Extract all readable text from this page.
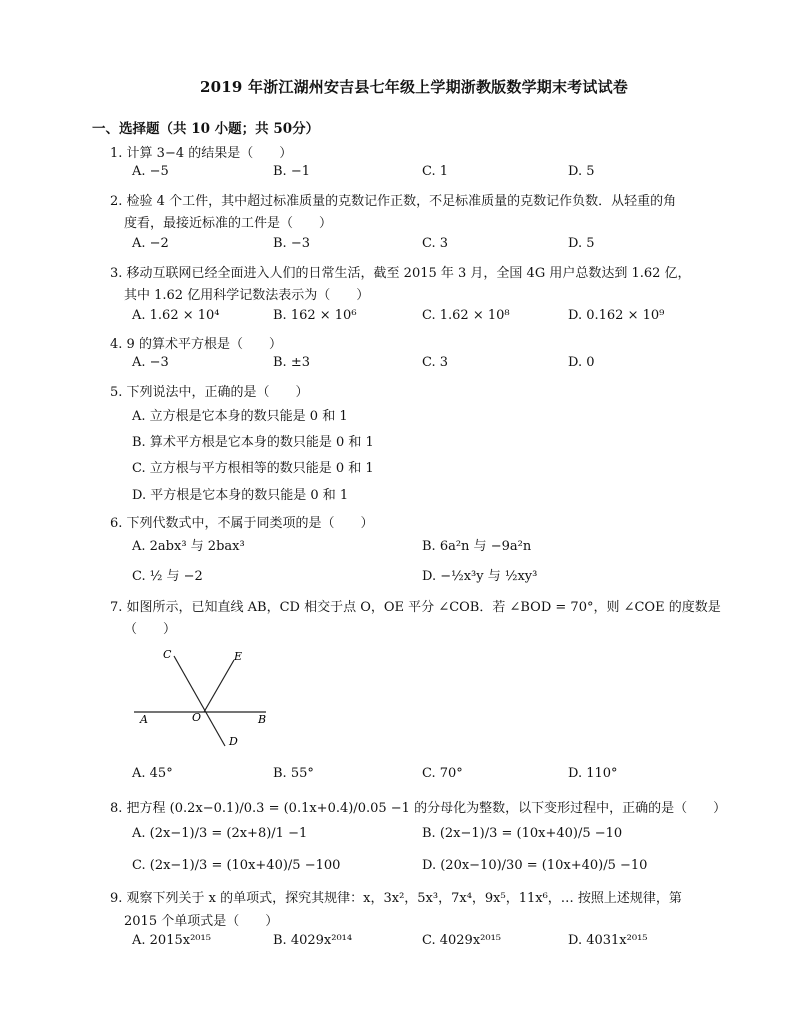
2019 年浙江湖州安吉县七年级上学期浙教版数学期末考试试卷
一、选择题（共 10 小题；共 50分）
1. 计算 3−4 的结果是（　　）
A. −5	B. −1	C. 1	D. 5
2. 检验 4 个工件，其中超过标准质量的克数记作正数，不足标准质量的克数记作负数．从轻重的角
度看，最接近标准的工件是（　　）
A. −2	B. −3	C. 3	D. 5
3. 移动互联网已经全面进入人们的日常生活，截至 2015 年 3 月，全国 4G 用户总数达到 1.62 亿，
其中 1.62 亿用科学记数法表示为（　　）
A. 1.62 × 10⁴	B. 162 × 10⁶	C. 1.62 × 10⁸	D. 0.162 × 10⁹
4. 9 的算术平方根是（　　）
A. −3	B. ±3	C. 3	D. 0
5. 下列说法中，正确的是（　　）
A. 立方根是它本身的数只能是 0 和 1
B. 算术平方根是它本身的数只能是 0 和 1
C. 立方根与平方根相等的数只能是 0 和 1
D. 平方根是它本身的数只能是 0 和 1
6. 下列代数式中，不属于同类项的是（　　）
A. 2abx³ 与 2bax³	B. 6a²n 与 −9a²n
C. ½ 与 −2	D. −½x³y 与 ½xy³
7. 如图所示，已知直线 AB，CD 相交于点 O，OE 平分 ∠COB．若 ∠BOD = 70°，则 ∠COE 的度数是
（　　）
C	E
A	O	B
D
A. 45°	B. 55°	C. 70°	D. 110°
8. 把方程 (0.2x−0.1)/0.3 = (0.1x+0.4)/0.05 −1 的分母化为整数，以下变形过程中，正确的是（　　）
A. (2x−1)/3 = (2x+8)/1 −1	B. (2x−1)/3 = (10x+40)/5 −10
C. (2x−1)/3 = (10x+40)/5 −100	D. (20x−10)/30 = (10x+40)/5 −10
9. 观察下列关于 x 的单项式，探究其规律：x，3x²，5x³，7x⁴，9x⁵，11x⁶，… 按照上述规律，第
2015 个单项式是（　　）
A. 2015x²⁰¹⁵	B. 4029x²⁰¹⁴	C. 4029x²⁰¹⁵	D. 4031x²⁰¹⁵
